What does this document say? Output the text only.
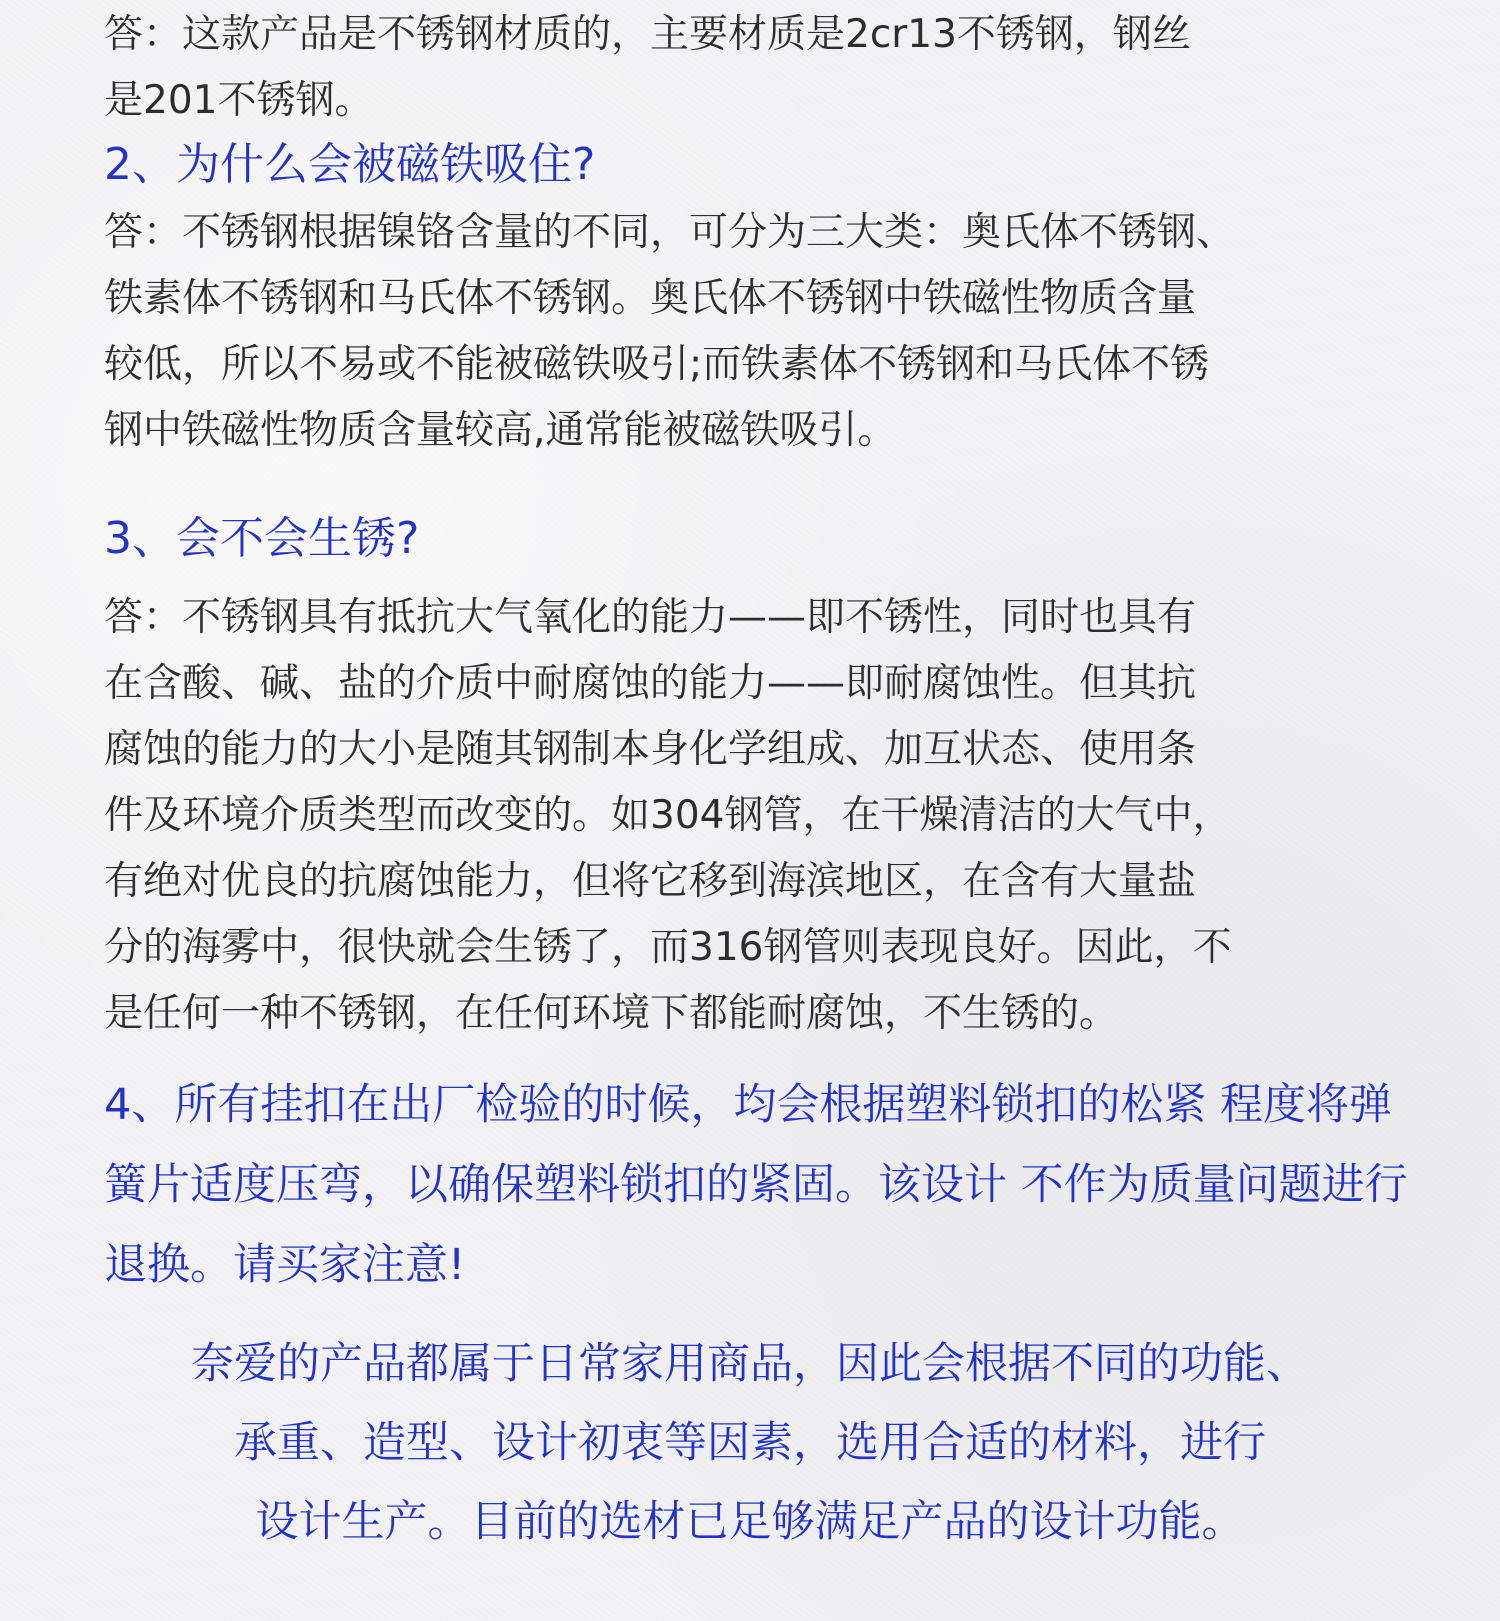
答：这款产品是不锈钢材质的，主要材质是2cr13不锈钢，钢丝
是201不锈钢。

2、为什么会被磁铁吸住?

答：不锈钢根据镍铬含量的不同，可分为三大类：奥氏体不锈钢、
铁素体不锈钢和马氏体不锈钢。奥氏体不锈钢中铁磁性物质含量
较低，所以不易或不能被磁铁吸引;而铁素体不锈钢和马氏体不锈
钢中铁磁性物质含量较高,通常能被磁铁吸引。

3、会不会生锈?

答：不锈钢具有抵抗大气氧化的能力——即不锈性，同时也具有
在含酸、碱、盐的介质中耐腐蚀的能力——即耐腐蚀性。但其抗
腐蚀的能力的大小是随其钢制本身化学组成、加互状态、使用条
件及环境介质类型而改变的。如304钢管，在干燥清洁的大气中，
有绝对优良的抗腐蚀能力，但将它移到海滨地区，在含有大量盐
分的海雾中，很快就会生锈了，而316钢管则表现良好。因此，不
是任何一种不锈钢，在任何环境下都能耐腐蚀，不生锈的。

4、所有挂扣在出厂检验的时候，均会根据塑料锁扣的松紧 程度将弹簧片适度压弯，以确保塑料锁扣的紧固。该设计 不作为质量问题进行退换。请买家注意!

奈爱的产品都属于日常家用商品，因此会根据不同的功能、
承重、造型、设计初衷等因素，选用合适的材料，进行
设计生产。目前的选材已足够满足产品的设计功能。
